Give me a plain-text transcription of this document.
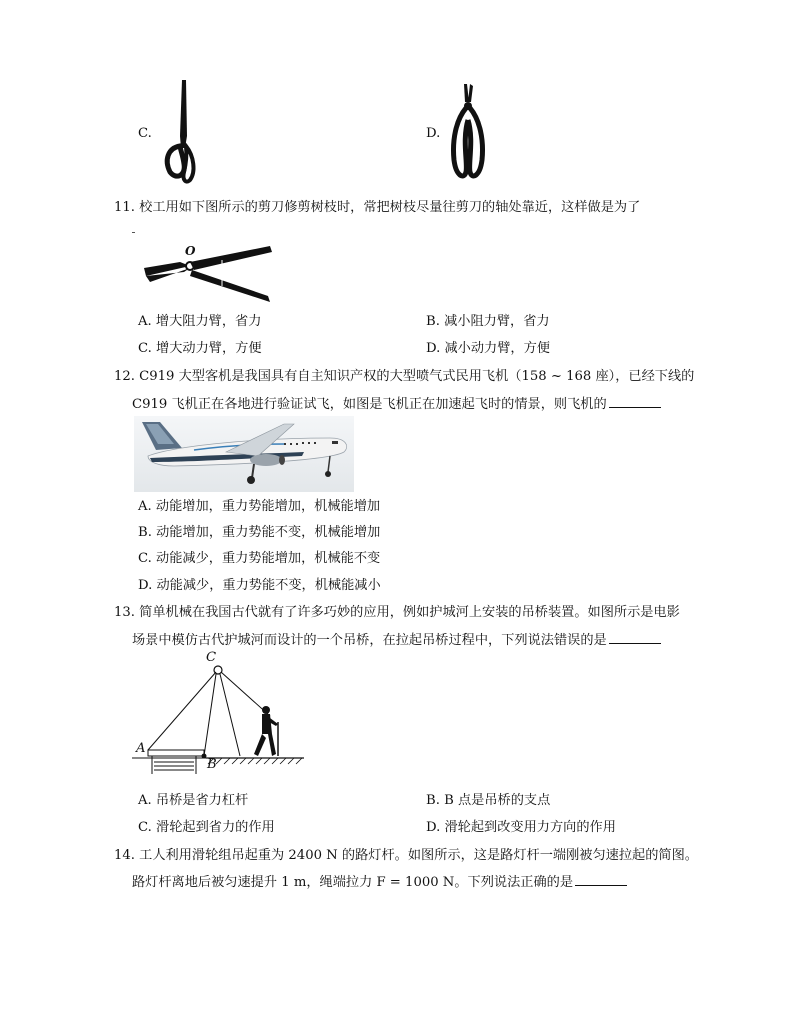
C.	D.
11. 校工用如下图所示的剪刀修剪树枝时，常把树枝尽量往剪刀的轴处靠近，这样做是为了
O
A. 增大阻力臂，省力	B. 减小阻力臂，省力
C. 增大动力臂，方便	D. 减小动力臂，方便
12. C919 大型客机是我国具有自主知识产权的大型喷气式民用飞机（158 ~ 168 座），已经下线的
C919 飞机正在各地进行验证试飞，如图是飞机正在加速起飞时的情景，则飞机的
A. 动能增加，重力势能增加，机械能增加
B. 动能增加，重力势能不变，机械能增加
C. 动能减少，重力势能增加，机械能不变
D. 动能减少，重力势能不变，机械能减小
13. 简单机械在我国古代就有了许多巧妙的应用，例如护城河上安装的吊桥装置。如图所示是电影
场景中模仿古代护城河而设计的一个吊桥，在拉起吊桥过程中，下列说法错误的是
C
A
B
A. 吊桥是省力杠杆	B. B 点是吊桥的支点
C. 滑轮起到省力的作用	D. 滑轮起到改变用力方向的作用
14. 工人利用滑轮组吊起重为 2400 N 的路灯杆。如图所示，这是路灯杆一端刚被匀速拉起的简图。
路灯杆离地后被匀速提升 1 m，绳端拉力 F = 1000 N。下列说法正确的是
